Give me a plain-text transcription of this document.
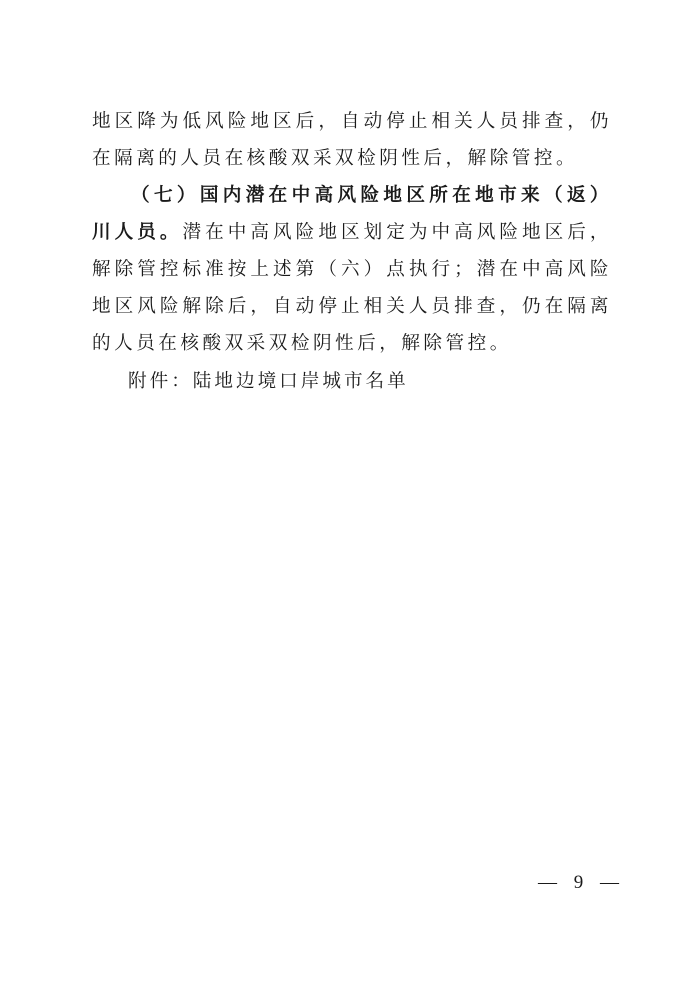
地区降为低风险地区后，自动停止相关人员排查，仍在隔离的人员在核酸双采双检阴性后，解除管控。

（七）国内潜在中高风险地区所在地市来（返）川人员。潜在中高风险地区划定为中高风险地区后，解除管控标准按上述第（六）点执行；潜在中高风险地区风险解除后，自动停止相关人员排查，仍在隔离的人员在核酸双采双检阴性后，解除管控。

附件：陆地边境口岸城市名单

— 9 —
